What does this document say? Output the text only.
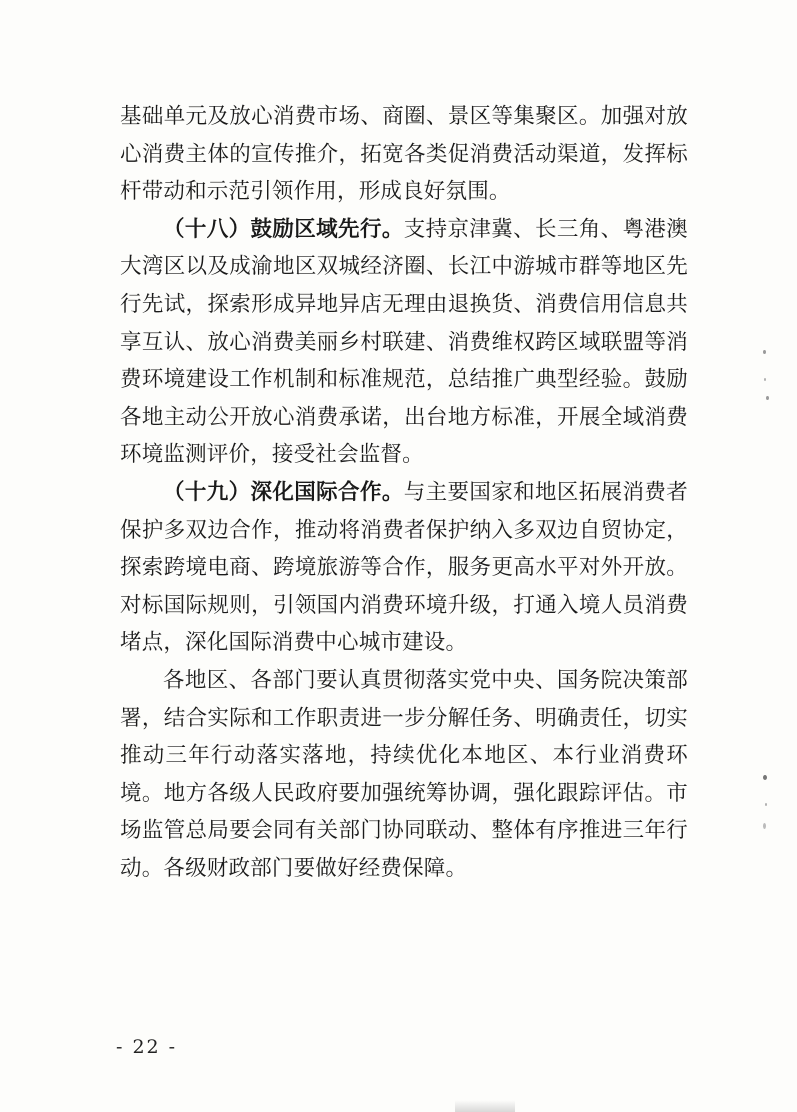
基础单元及放心消费市场、商圈、景区等集聚区。加强对放心消费主体的宣传推介，拓宽各类促消费活动渠道，发挥标杆带动和示范引领作用，形成良好氛围。

（十八）鼓励区域先行。支持京津冀、长三角、粤港澳大湾区以及成渝地区双城经济圈、长江中游城市群等地区先行先试，探索形成异地异店无理由退换货、消费信用信息共享互认、放心消费美丽乡村联建、消费维权跨区域联盟等消费环境建设工作机制和标准规范，总结推广典型经验。鼓励各地主动公开放心消费承诺，出台地方标准，开展全域消费环境监测评价，接受社会监督。

（十九）深化国际合作。与主要国家和地区拓展消费者保护多双边合作，推动将消费者保护纳入多双边自贸协定，探索跨境电商、跨境旅游等合作，服务更高水平对外开放。对标国际规则，引领国内消费环境升级，打通入境人员消费堵点，深化国际消费中心城市建设。

各地区、各部门要认真贯彻落实党中央、国务院决策部署，结合实际和工作职责进一步分解任务、明确责任，切实推动三年行动落实落地，持续优化本地区、本行业消费环境。地方各级人民政府要加强统筹协调，强化跟踪评估。市场监管总局要会同有关部门协同联动、整体有序推进三年行动。各级财政部门要做好经费保障。

- 22 -
